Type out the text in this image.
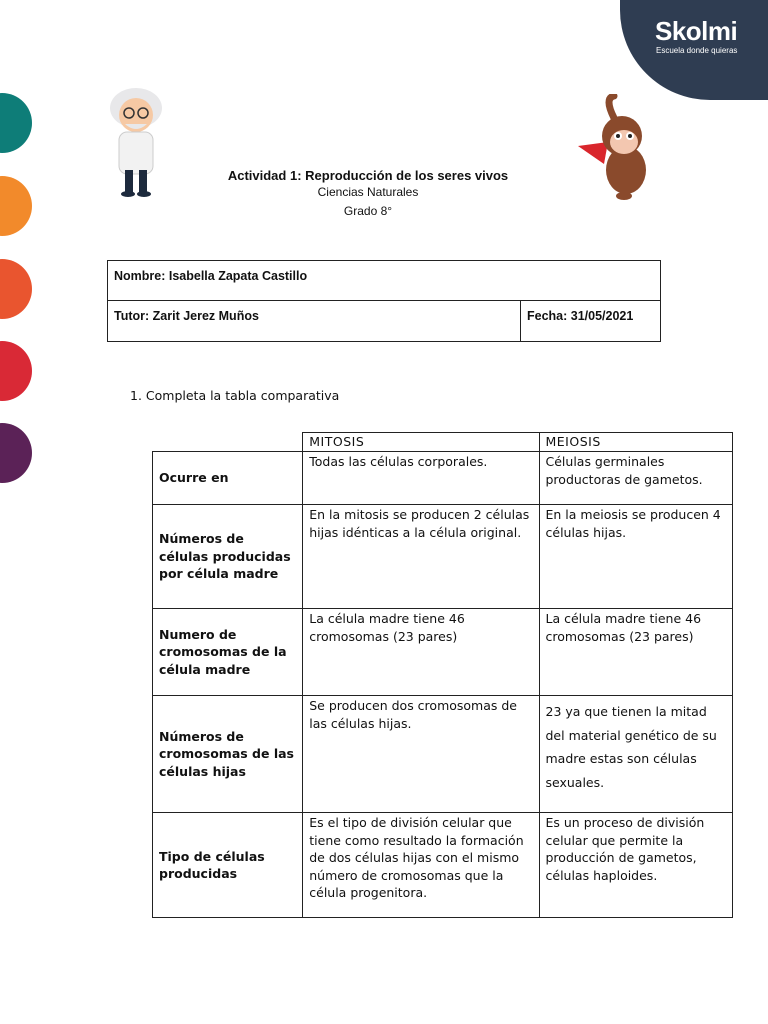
Skolmi
Escuela donde quieras
Actividad 1: Reproducción de los seres vivos
Ciencias Naturales
Grado 8°
Nombre: Isabella Zapata Castillo
Tutor: Zarit Jerez Muños	Fecha: 31/05/2021
1. Completa la tabla comparativa
	MITOSIS	MEIOSIS
Ocurre en	Todas las células corporales.	Células germinales productoras de gametos.
Números de células producidas por célula madre	En la mitosis se producen 2 células hijas idénticas a la célula original.	En la meiosis se producen 4 células hijas.
Numero de cromosomas de la célula madre	La célula madre tiene 46 cromosomas (23 pares)	La célula madre tiene 46 cromosomas (23 pares)
Números de cromosomas de las células hijas	Se producen dos cromosomas de las células hijas.	23 ya que tienen la mitad del material genético de su madre estas son células sexuales.
Tipo de células producidas	Es el tipo de división celular que tiene como resultado la formación de dos células hijas con el mismo número de cromosomas que la célula progenitora.	Es un proceso de división celular que permite la producción de gametos, células haploides.
